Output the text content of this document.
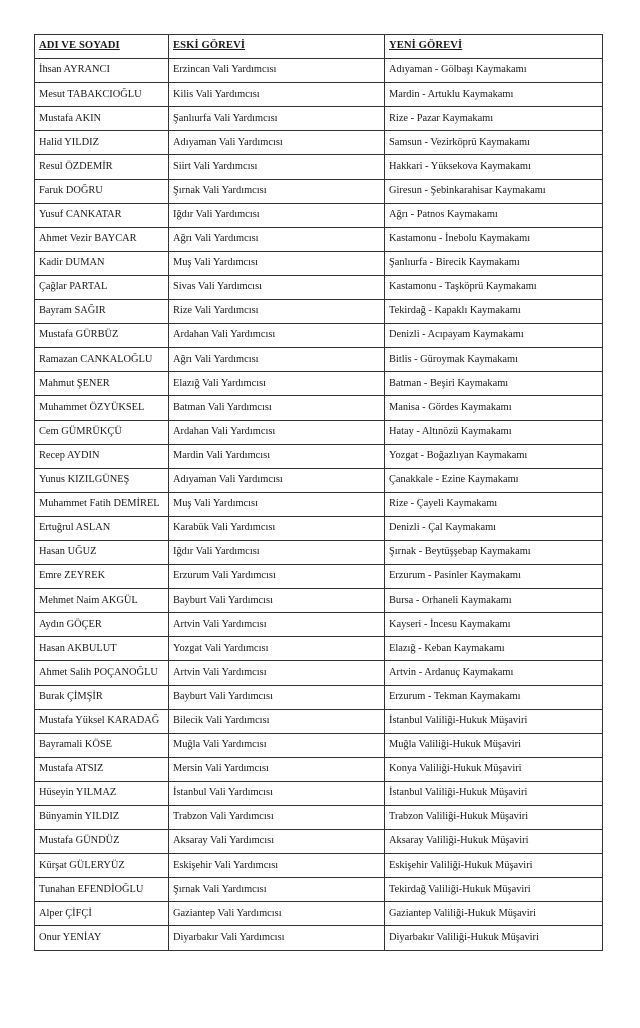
ADI VE SOYADI	ESKİ GÖREVİ	YENİ GÖREVİ
İhsan AYRANCI	Erzincan Vali Yardımcısı	Adıyaman - Gölbaşı Kaymakamı
Mesut TABAKCIOĞLU	Kilis Vali Yardımcısı	Mardin - Artuklu Kaymakamı
Mustafa AKIN	Şanlıurfa Vali Yardımcısı	Rize - Pazar Kaymakamı
Halid YILDIZ	Adıyaman Vali Yardımcısı	Samsun - Vezirköprü Kaymakamı
Resul ÖZDEMİR	Siirt Vali Yardımcısı	Hakkari - Yüksekova Kaymakamı
Faruk DOĞRU	Şırnak Vali Yardımcısı	Giresun - Şebinkarahisar Kaymakamı
Yusuf CANKATAR	Iğdır Vali Yardımcısı	Ağrı - Patnos Kaymakamı
Ahmet Vezir BAYCAR	Ağrı Vali Yardımcısı	Kastamonu - İnebolu Kaymakamı
Kadir DUMAN	Muş Vali Yardımcısı	Şanlıurfa - Birecik Kaymakamı
Çağlar PARTAL	Sivas Vali Yardımcısı	Kastamonu - Taşköprü Kaymakamı
Bayram SAĞIR	Rize Vali Yardımcısı	Tekirdağ - Kapaklı Kaymakamı
Mustafa GÜRBÜZ	Ardahan Vali Yardımcısı	Denizli - Acıpayam Kaymakamı
Ramazan CANKALOĞLU	Ağrı Vali Yardımcısı	Bitlis - Güroymak Kaymakamı
Mahmut ŞENER	Elazığ Vali Yardımcısı	Batman - Beşiri Kaymakamı
Muhammet ÖZYÜKSEL	Batman Vali Yardımcısı	Manisa - Gördes Kaymakamı
Cem GÜMRÜKÇÜ	Ardahan Vali Yardımcısı	Hatay - Altınözü Kaymakamı
Recep AYDIN	Mardin Vali Yardımcısı	Yozgat - Boğazlıyan Kaymakamı
Yunus KIZILGÜNEŞ	Adıyaman Vali Yardımcısı	Çanakkale - Ezine Kaymakamı
Muhammet Fatih DEMİREL	Muş Vali Yardımcısı	Rize - Çayeli Kaymakamı
Ertuğrul ASLAN	Karabük Vali Yardımcısı	Denizli - Çal Kaymakamı
Hasan UĞUZ	Iğdır Vali Yardımcısı	Şırnak - Beytüşşebap Kaymakamı
Emre ZEYREK	Erzurum Vali Yardımcısı	Erzurum - Pasinler Kaymakamı
Mehmet Naim AKGÜL	Bayburt Vali Yardımcısı	Bursa - Orhaneli Kaymakamı
Aydın GÖÇER	Artvin Vali Yardımcısı	Kayseri - İncesu Kaymakamı
Hasan AKBULUT	Yozgat Vali Yardımcısı	Elazığ - Keban Kaymakamı
Ahmet Salih POÇANOĞLU	Artvin Vali Yardımcısı	Artvin - Ardanuç Kaymakamı
Burak ÇİMŞİR	Bayburt Vali Yardımcısı	Erzurum - Tekman Kaymakamı
Mustafa Yüksel KARADAĞ	Bilecik Vali Yardımcısı	İstanbul Valiliği-Hukuk Müşaviri
Bayramali KÖSE	Muğla Vali Yardımcısı	Muğla Valiliği-Hukuk Müşaviri
Mustafa ATSIZ	Mersin Vali Yardımcısı	Konya Valiliği-Hukuk Müşaviri
Hüseyin YILMAZ	İstanbul Vali Yardımcısı	İstanbul Valiliği-Hukuk Müşaviri
Bünyamin YILDIZ	Trabzon Vali Yardımcısı	Trabzon Valiliği-Hukuk Müşaviri
Mustafa GÜNDÜZ	Aksaray Vali Yardımcısı	Aksaray Valiliği-Hukuk Müşaviri
Kürşat GÜLERYÜZ	Eskişehir Vali Yardımcısı	Eskişehir Valiliği-Hukuk Müşaviri
Tunahan EFENDİOĞLU	Şırnak Vali Yardımcısı	Tekirdağ Valiliği-Hukuk Müşaviri
Alper ÇİFÇİ	Gaziantep Vali Yardımcısı	Gaziantep Valiliği-Hukuk Müşaviri
Onur YENİAY	Diyarbakır Vali Yardımcısı	Diyarbakır Valiliği-Hukuk Müşaviri
